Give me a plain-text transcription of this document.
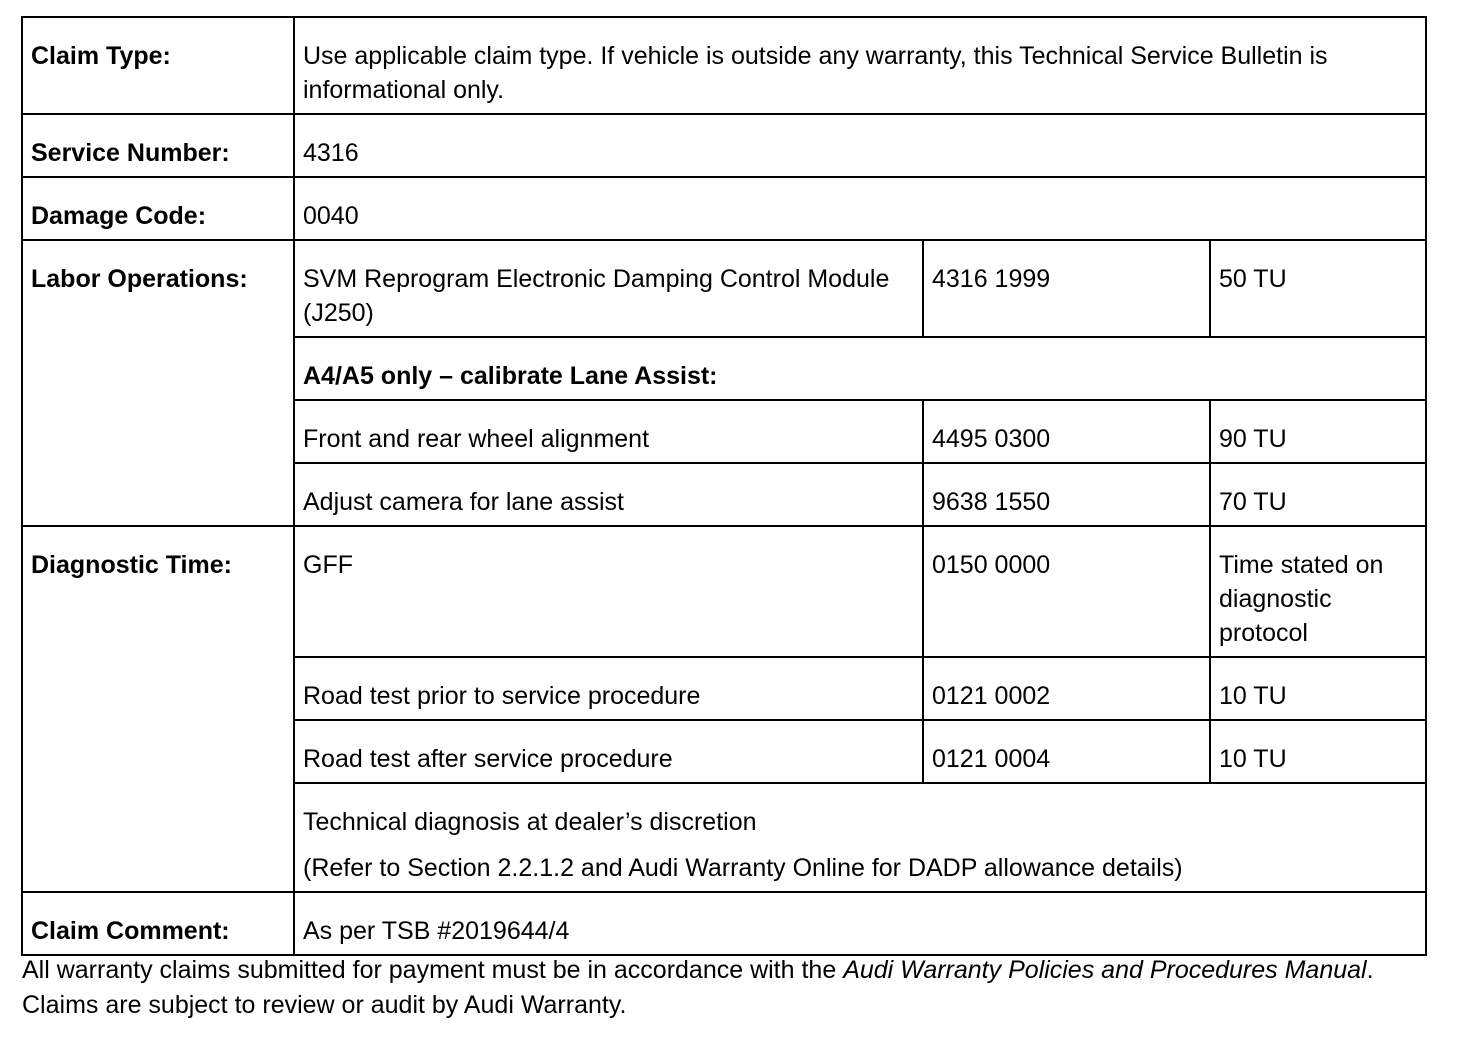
Claim Type:	Use applicable claim type. If vehicle is outside any warranty, this Technical Service Bulletin is informational only.		
Service Number:	4316		
Damage Code:	0040		
Labor Operations:	SVM Reprogram Electronic Damping Control Module (J250)	4316 1999	50 TU
	A4/A5 only – calibrate Lane Assist:		
	Front and rear wheel alignment	4495 0300	90 TU
	Adjust camera for lane assist	9638 1550	70 TU
Diagnostic Time:	GFF	0150 0000	Time stated on diagnostic protocol
	Road test prior to service procedure	0121 0002	10 TU
	Road test after service procedure	0121 0004	10 TU

	Technical diagnosis at dealer’s discretion
(Refer to Section 2.2.1.2 and Audi Warranty Online for DADP allowance details)		

Claim Comment:	As per TSB #2019644/4		
All warranty claims submitted for payment must be in accordance with the Audi Warranty Policies and Procedures Manual. Claims are subject to review or audit by Audi Warranty.
